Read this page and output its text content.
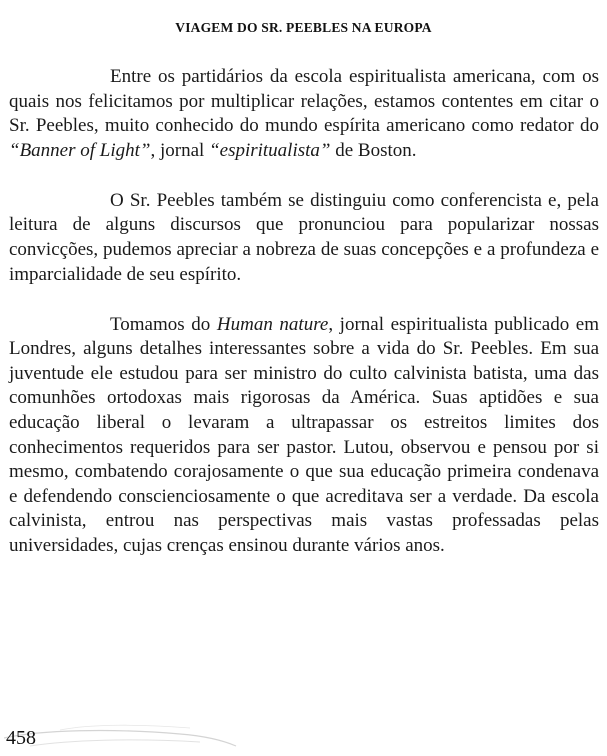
VIAGEM DO SR. PEEBLES NA EUROPA

Entre os partidários da escola espiritualista americana, com os quais nos felicitamos por multiplicar relações, estamos contentes em citar o Sr. Peebles, muito conhecido do mundo espírita americano como redator do “Banner of Light”, jornal “espiritualista” de Boston.

O Sr. Peebles também se distinguiu como conferencista e, pela leitura de alguns discursos que pronunciou para popularizar nossas convicções, pudemos apreciar a nobreza de suas concepções e a profundeza e imparcialidade de seu espírito.

Tomamos do Human nature, jornal espiritualista publicado em Londres, alguns detalhes interessantes sobre a vida do Sr. Peebles. Em sua juventude ele estudou para ser ministro do culto calvinista batista, uma das comunhões ortodoxas mais rigorosas da América. Suas aptidões e sua educação liberal o levaram a ultrapassar os estreitos limites dos conhecimentos requeridos para ser pastor. Lutou, observou e pensou por si mesmo, combatendo corajosamente o que sua educação primeira condenava e defendendo conscienciosamente o que acreditava ser a verdade. Da escola calvinista, entrou nas perspectivas mais vastas professadas pelas universidades, cujas crenças ensinou durante vários anos.

458
